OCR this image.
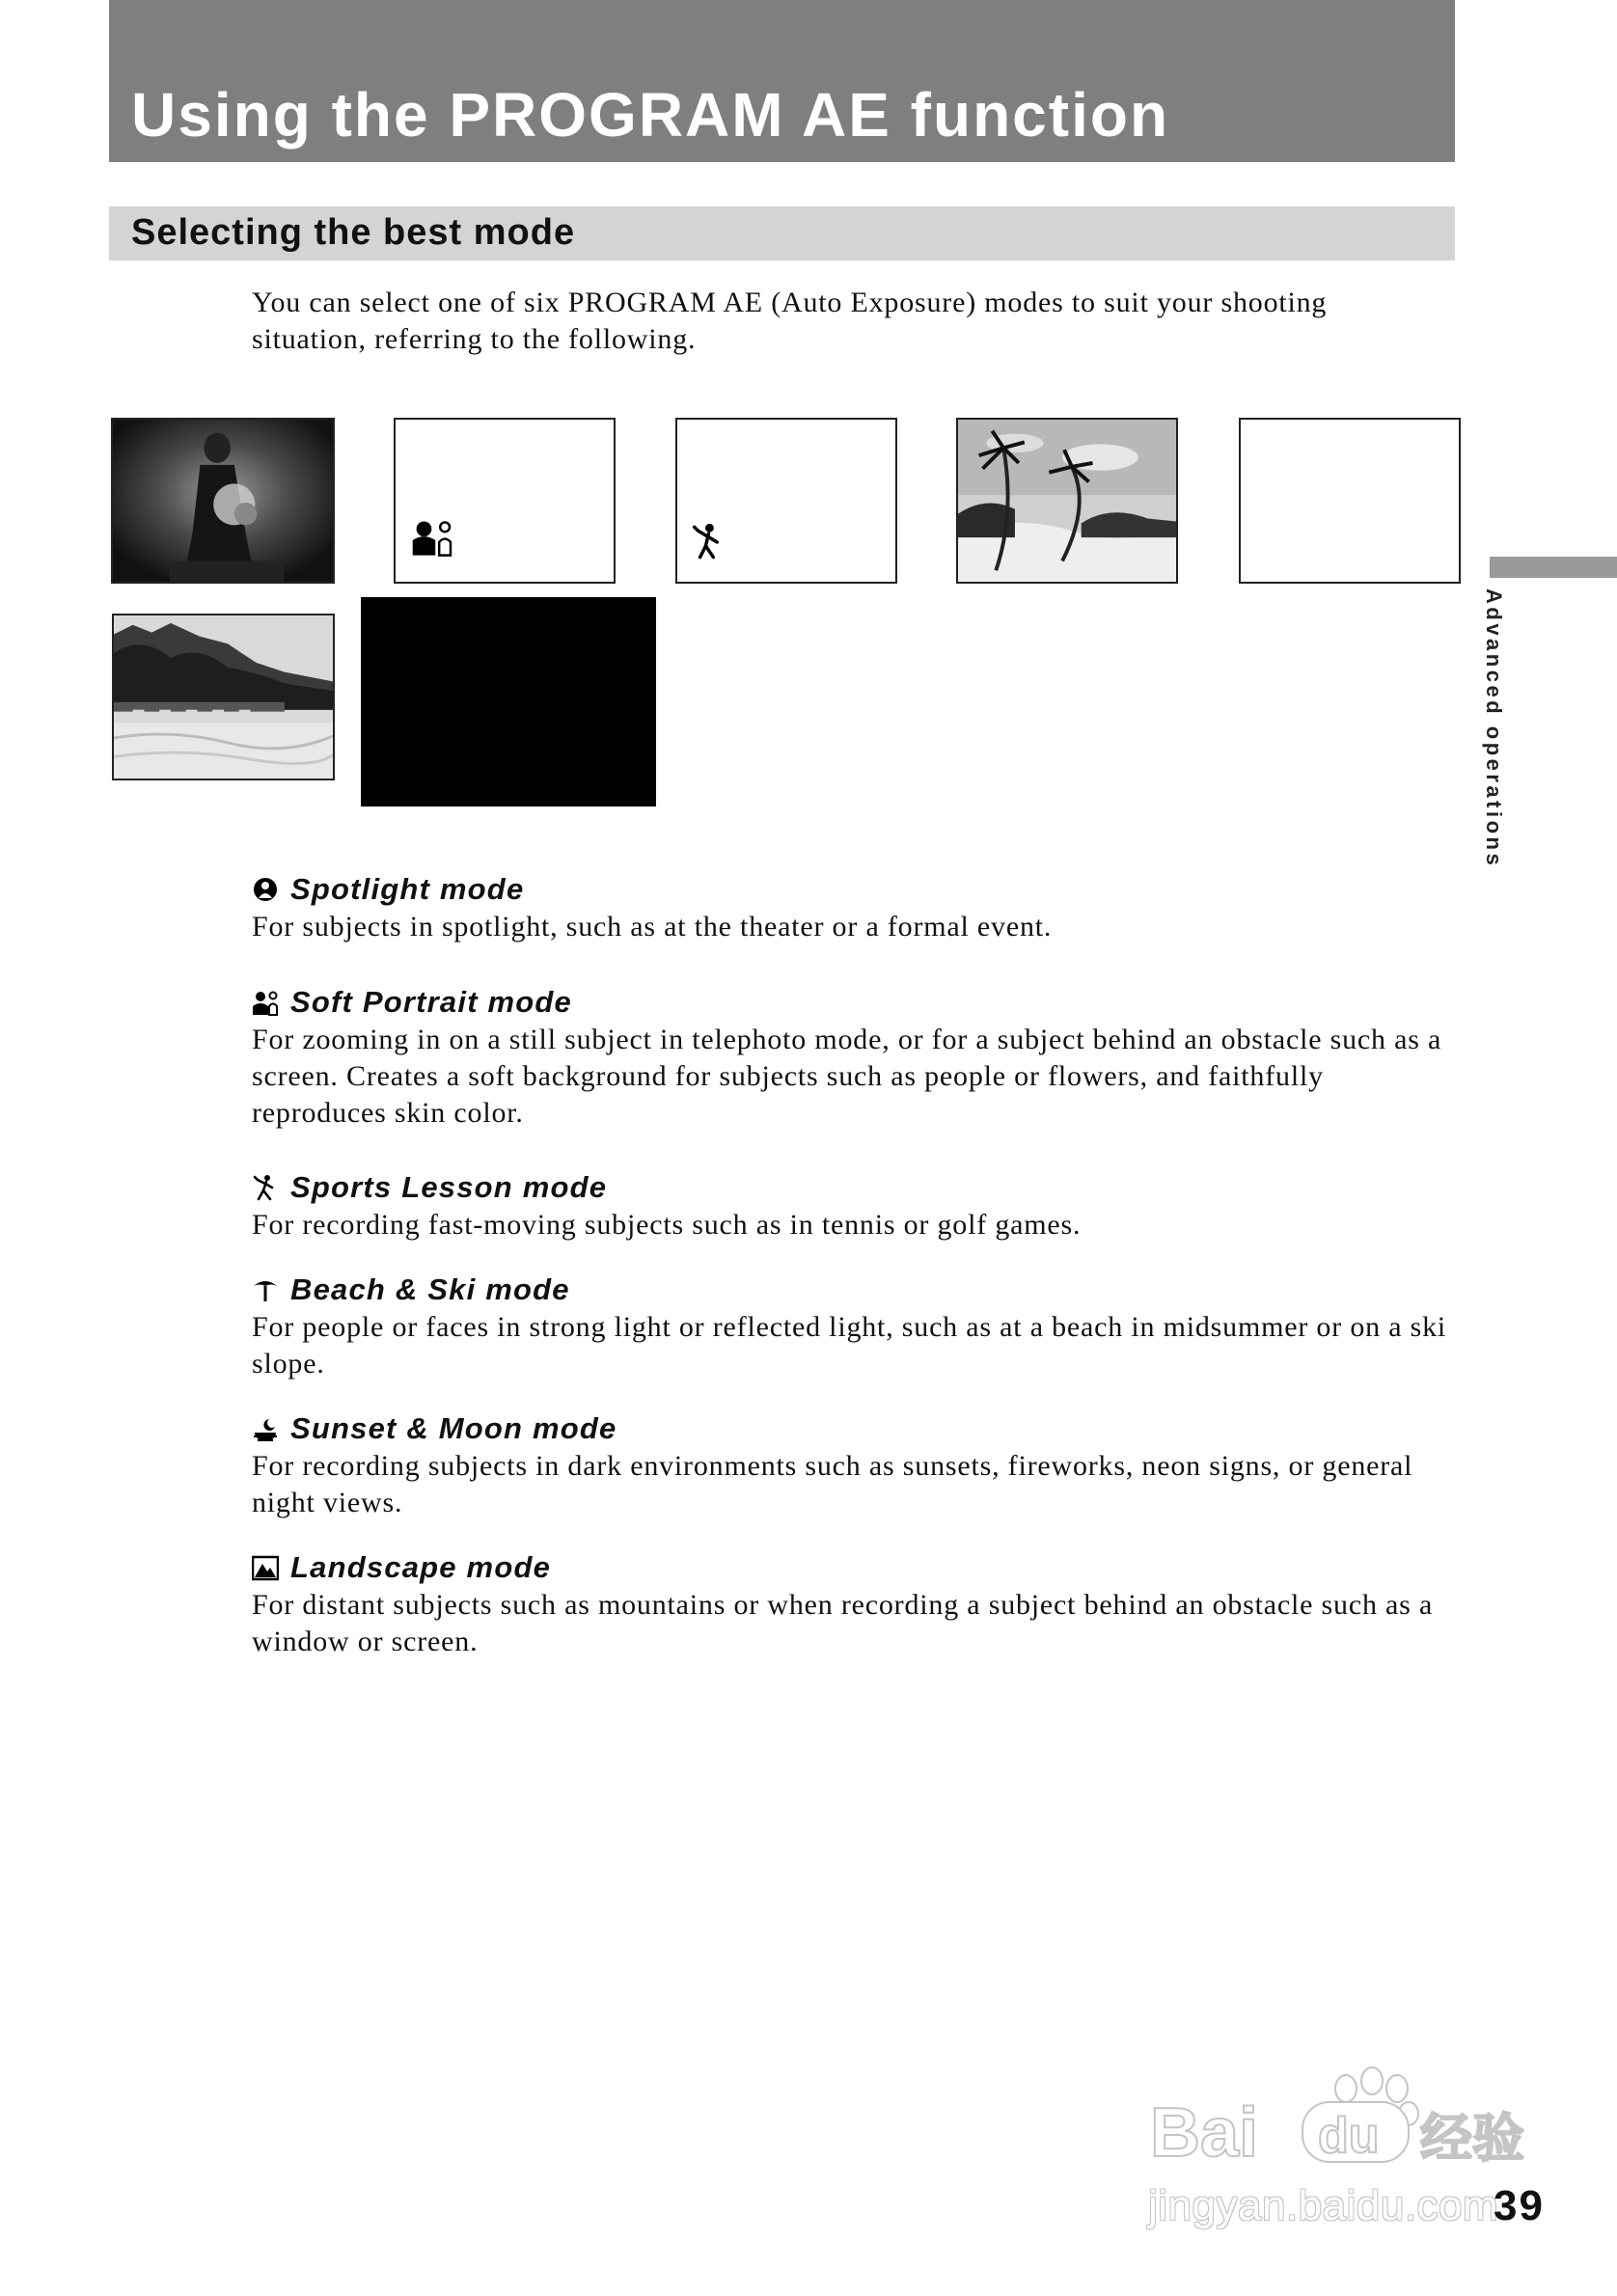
Using the PROGRAM AE function
Selecting the best mode
You can select one of six PROGRAM AE (Auto Exposure) modes to suit your shooting situation, referring to the following.
Advanced operations
Spotlight mode
For subjects in spotlight, such as at the theater or a formal event.
Soft Portrait mode
For zooming in on a still subject in telephoto mode, or for a subject behind an obstacle such as a screen. Creates a soft background for subjects such as people or flowers, and faithfully reproduces skin color.
Sports Lesson mode
For recording fast-moving subjects such as in tennis or golf games.
Beach & Ski mode
For people or faces in strong light or reflected light, such as at a beach in midsummer or on a ski slope.
Sunset & Moon mode
For recording subjects in dark environments such as sunsets, fireworks, neon signs, or general night views.
Landscape mode
For distant subjects such as mountains or when recording a subject behind an obstacle such as a window or screen.
Bai du 经验
jingyan.baidu.com
39
